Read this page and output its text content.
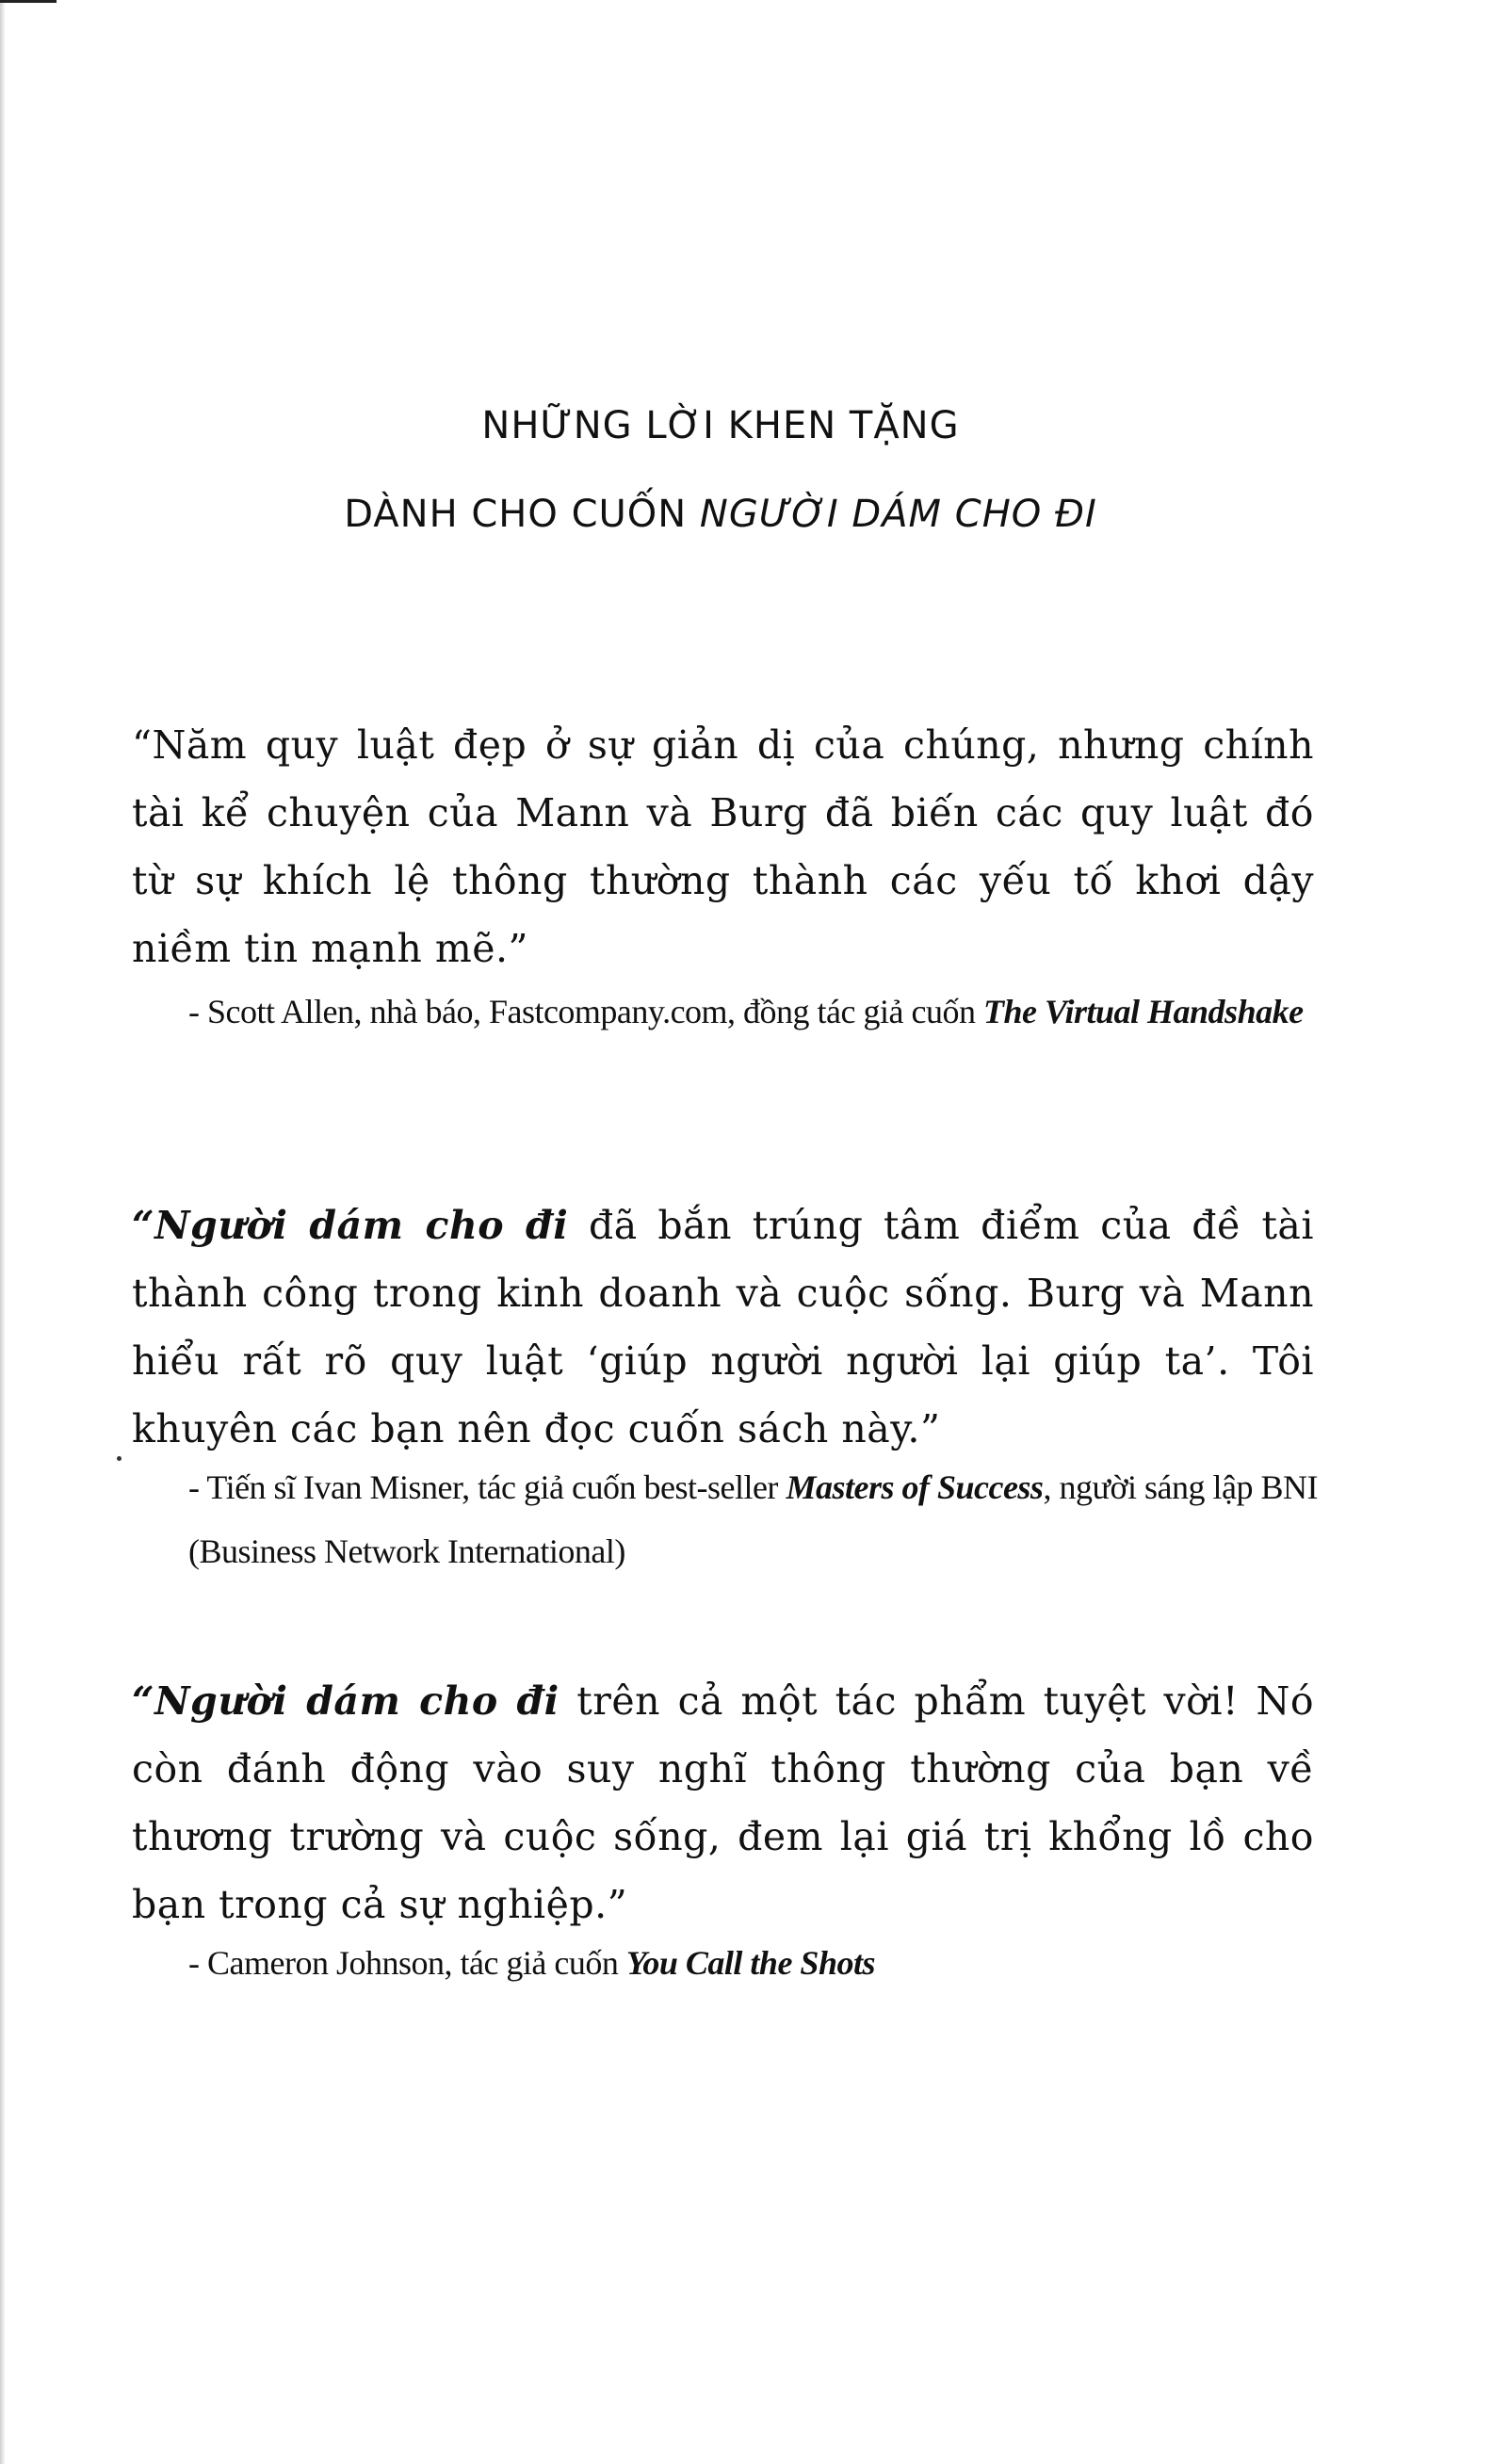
NHỮNG LỜI KHEN TẶNG
DÀNH CHO CUỐN NGƯỜI DÁM CHO ĐI

“Năm quy luật đẹp ở sự giản dị của chúng, nhưng chính tài kể chuyện của Mann và Burg đã biến các quy luật đó từ sự khích lệ thông thường thành các yếu tố khơi dậy niềm tin mạnh mẽ.”

- Scott Allen, nhà báo, Fastcompany.com, đồng tác giả cuốn The Virtual Handshake

“Người dám cho đi đã bắn trúng tâm điểm của đề tài thành công trong kinh doanh và cuộc sống. Burg và Mann hiểu rất rõ quy luật ‘giúp người người lại giúp ta’. Tôi khuyên các bạn nên đọc cuốn sách này.”

- Tiến sĩ Ivan Misner, tác giả cuốn best-seller Masters of Success, người sáng lập BNI (Business Network International)

“Người dám cho đi trên cả một tác phẩm tuyệt vời! Nó còn đánh động vào suy nghĩ thông thường của bạn về thương trường và cuộc sống, đem lại giá trị khổng lồ cho bạn trong cả sự nghiệp.”

- Cameron Johnson, tác giả cuốn You Call the Shots
